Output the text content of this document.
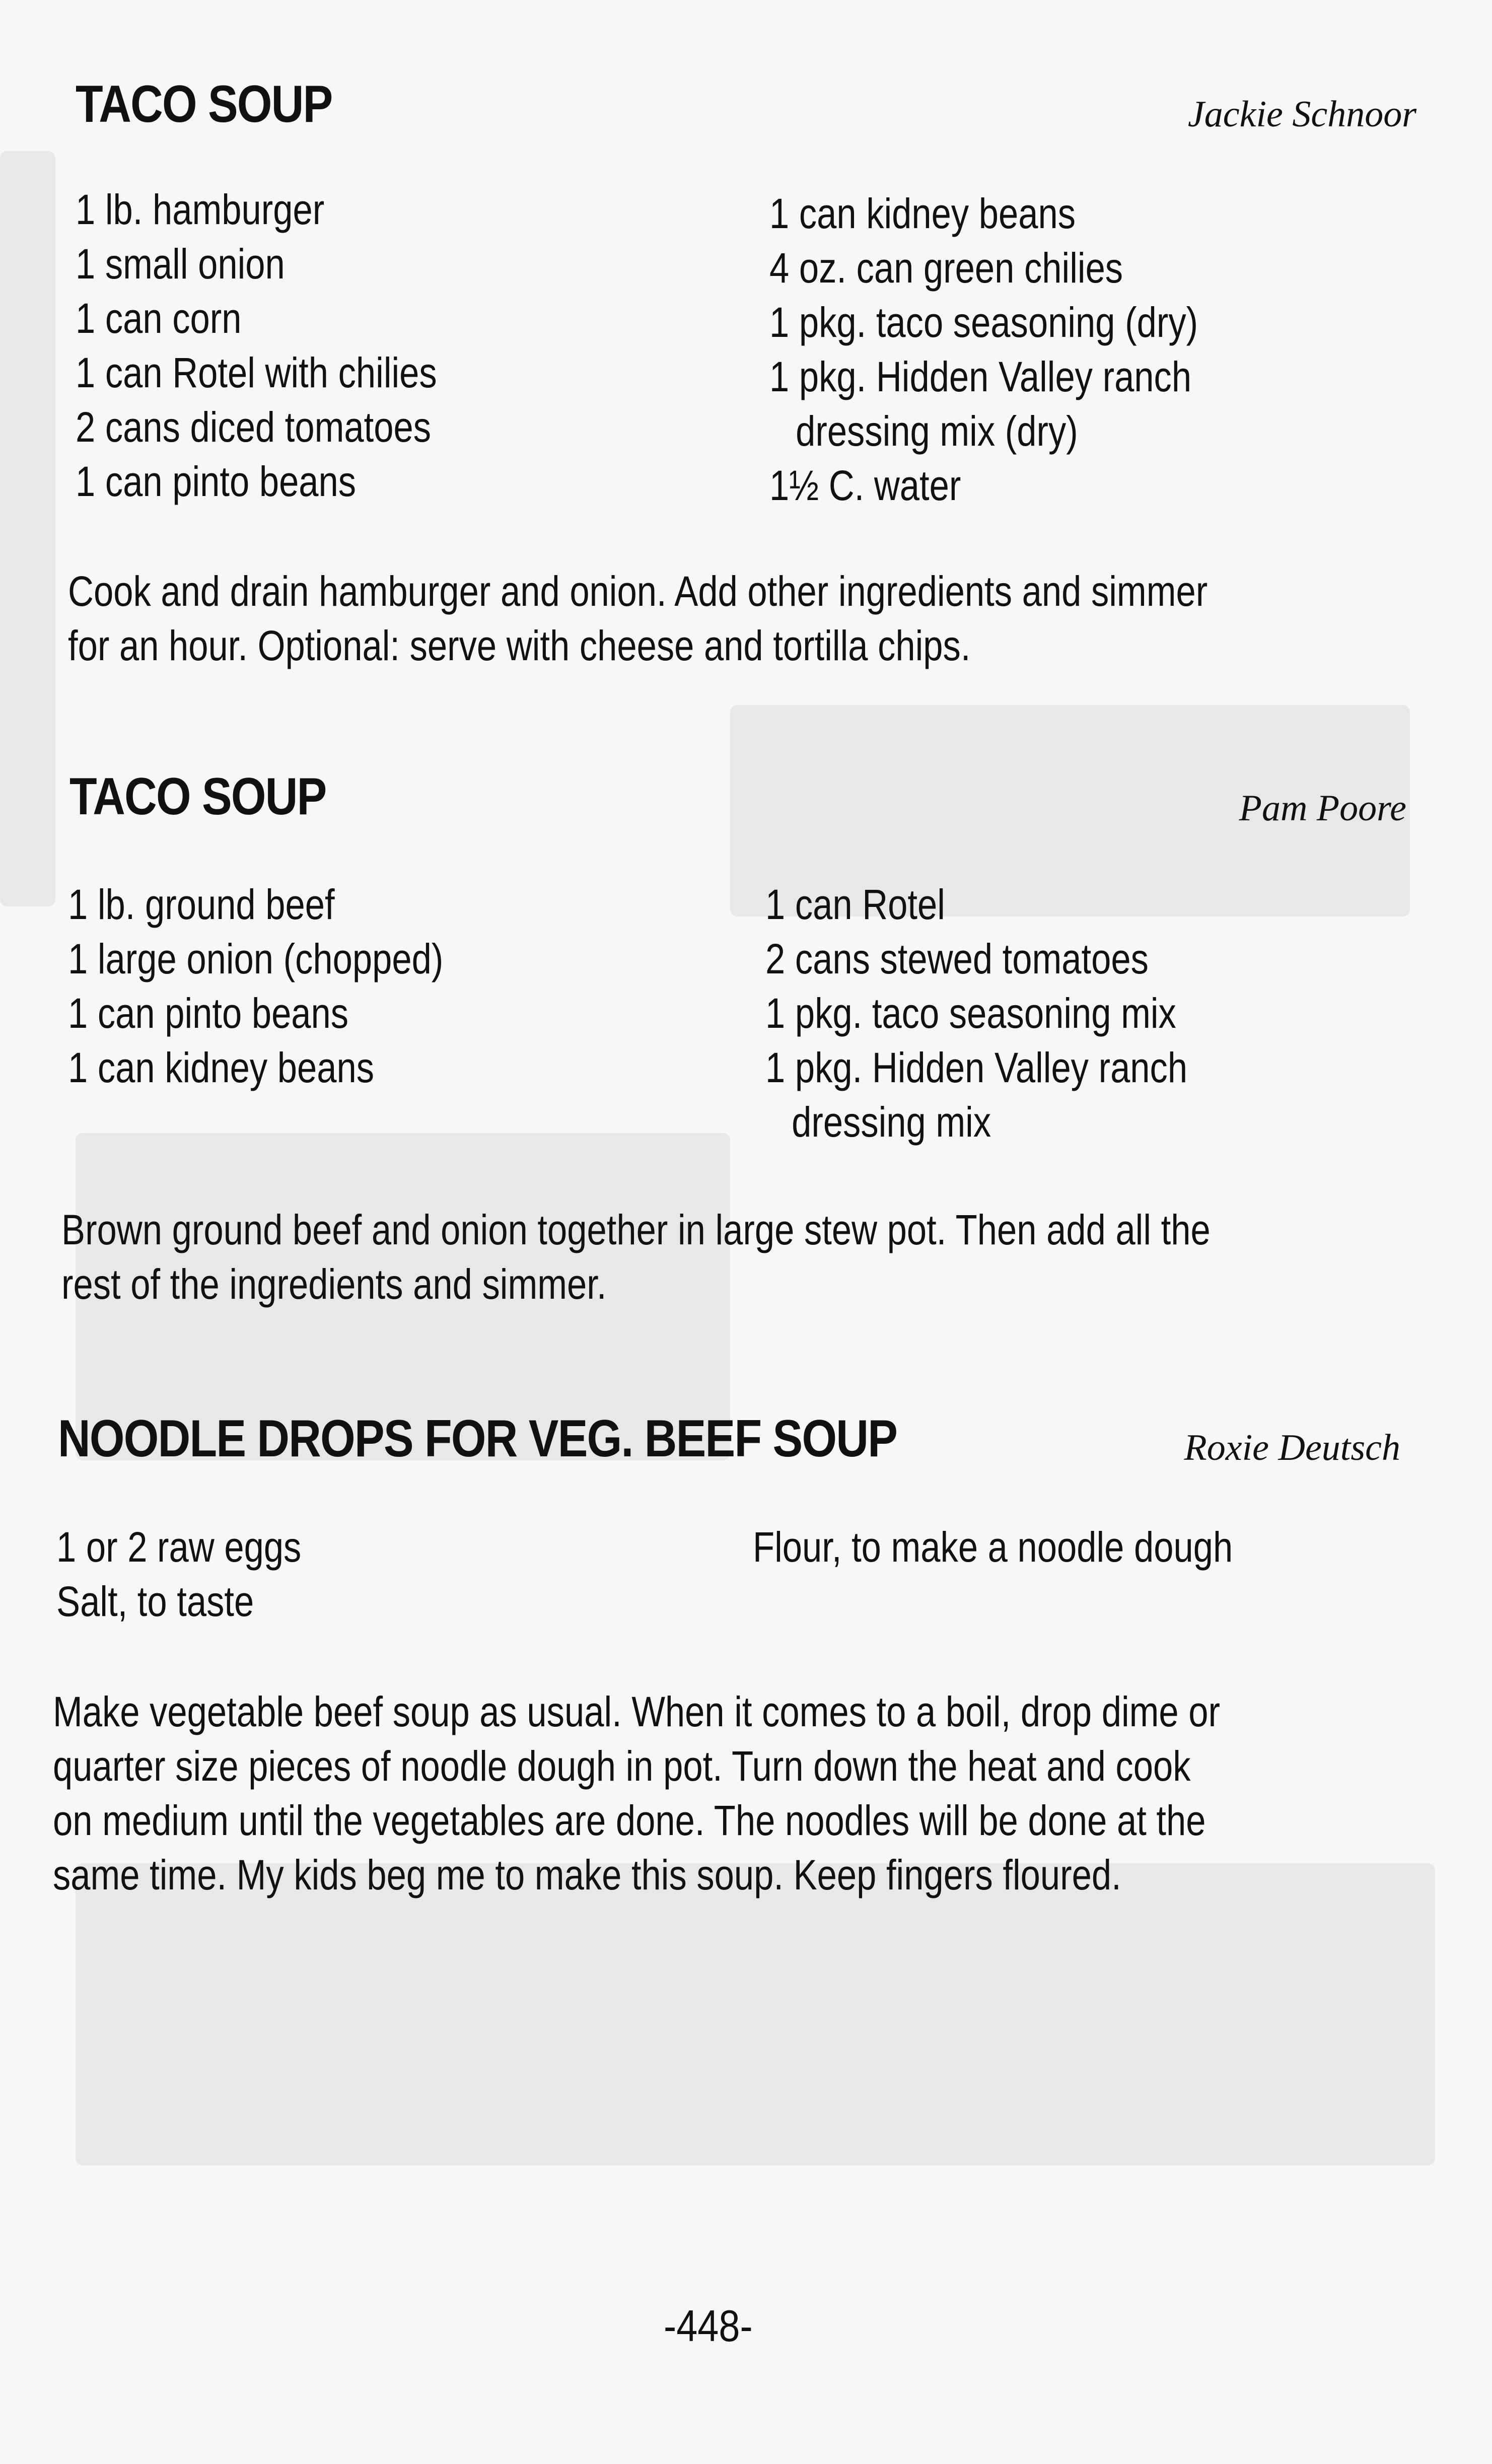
TACO SOUP	Jackie Schnoor
1 lb. hamburger
1 small onion
1 can corn
1 can Rotel with chilies
2 cans diced tomatoes
1 can pinto beans
1 can kidney beans
4 oz. can green chilies
1 pkg. taco seasoning (dry)
1 pkg. Hidden Valley ranch
dressing mix (dry)
1½ C. water
Cook and drain hamburger and onion. Add other ingredients and simmer
for an hour. Optional: serve with cheese and tortilla chips.
TACO SOUP	Pam Poore
1 lb. ground beef
1 large onion (chopped)
1 can pinto beans
1 can kidney beans
1 can Rotel
2 cans stewed tomatoes
1 pkg. taco seasoning mix
1 pkg. Hidden Valley ranch
dressing mix
Brown ground beef and onion together in large stew pot. Then add all the
rest of the ingredients and simmer.
NOODLE DROPS FOR VEG. BEEF SOUP	Roxie Deutsch
1 or 2 raw eggs
Salt, to taste
Flour, to make a noodle dough
Make vegetable beef soup as usual. When it comes to a boil, drop dime or
quarter size pieces of noodle dough in pot. Turn down the heat and cook
on medium until the vegetables are done. The noodles will be done at the
same time. My kids beg me to make this soup. Keep fingers floured.
-448-
